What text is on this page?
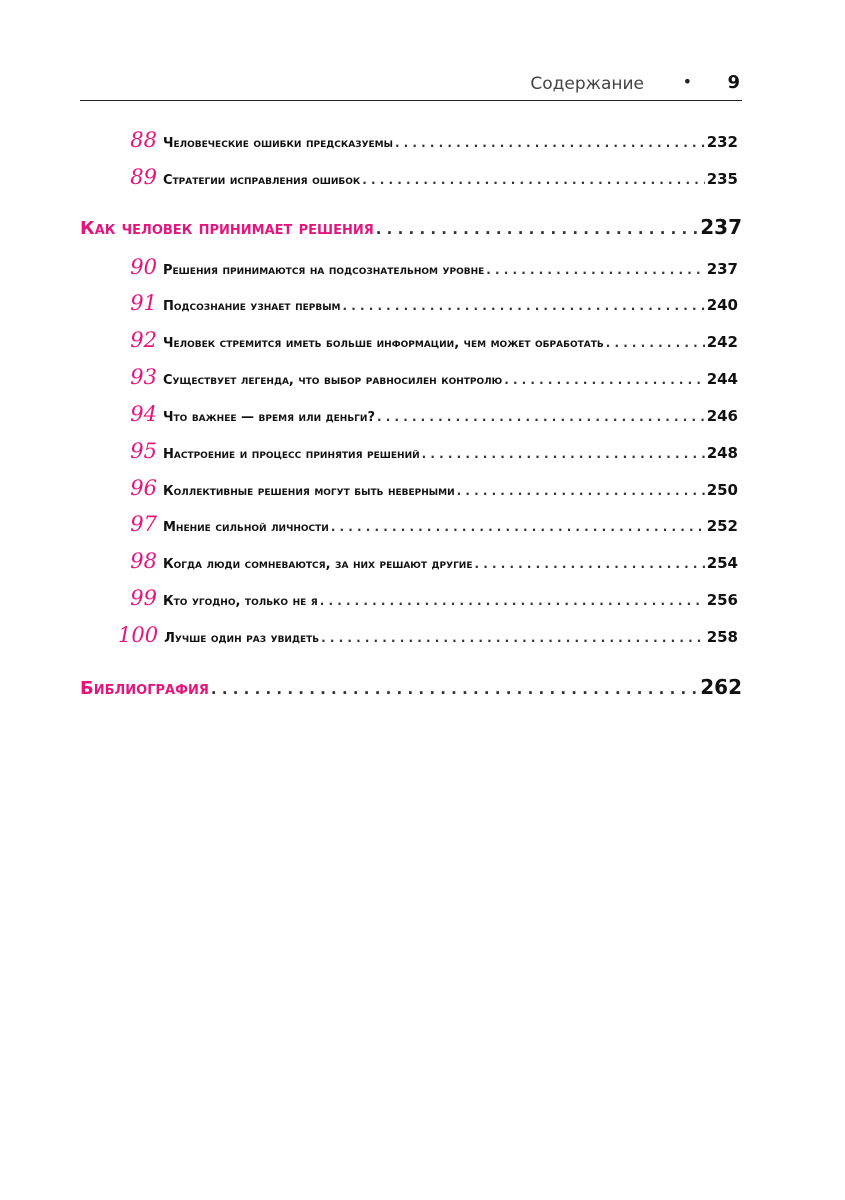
Содержание • 9
88 Человеческие ошибки предсказуемы . . .	232
89 Стратегии исправления ошибок . . .	235
Как человек принимает решения . . .	237
90 Решения принимаются на подсознательном уровне . . .	237
91 Подсознание узнает первым . . .	240
92 Человек стремится иметь больше информации, чем может обработать . . .	242
93 Существует легенда, что выбор равносилен контролю . . .	244
94 Что важнее — время или деньги? . . .	246
95 Настроение и процесс принятия решений . . .	248
96 Коллективные решения могут быть неверными . . .	250
97 Мнение сильной личности . . .	252
98 Когда люди сомневаются, за них решают другие . . .	254
99 Кто угодно, только не я . . .	256
100 Лучше один раз увидеть . . .	258
Библиография . . .	262
